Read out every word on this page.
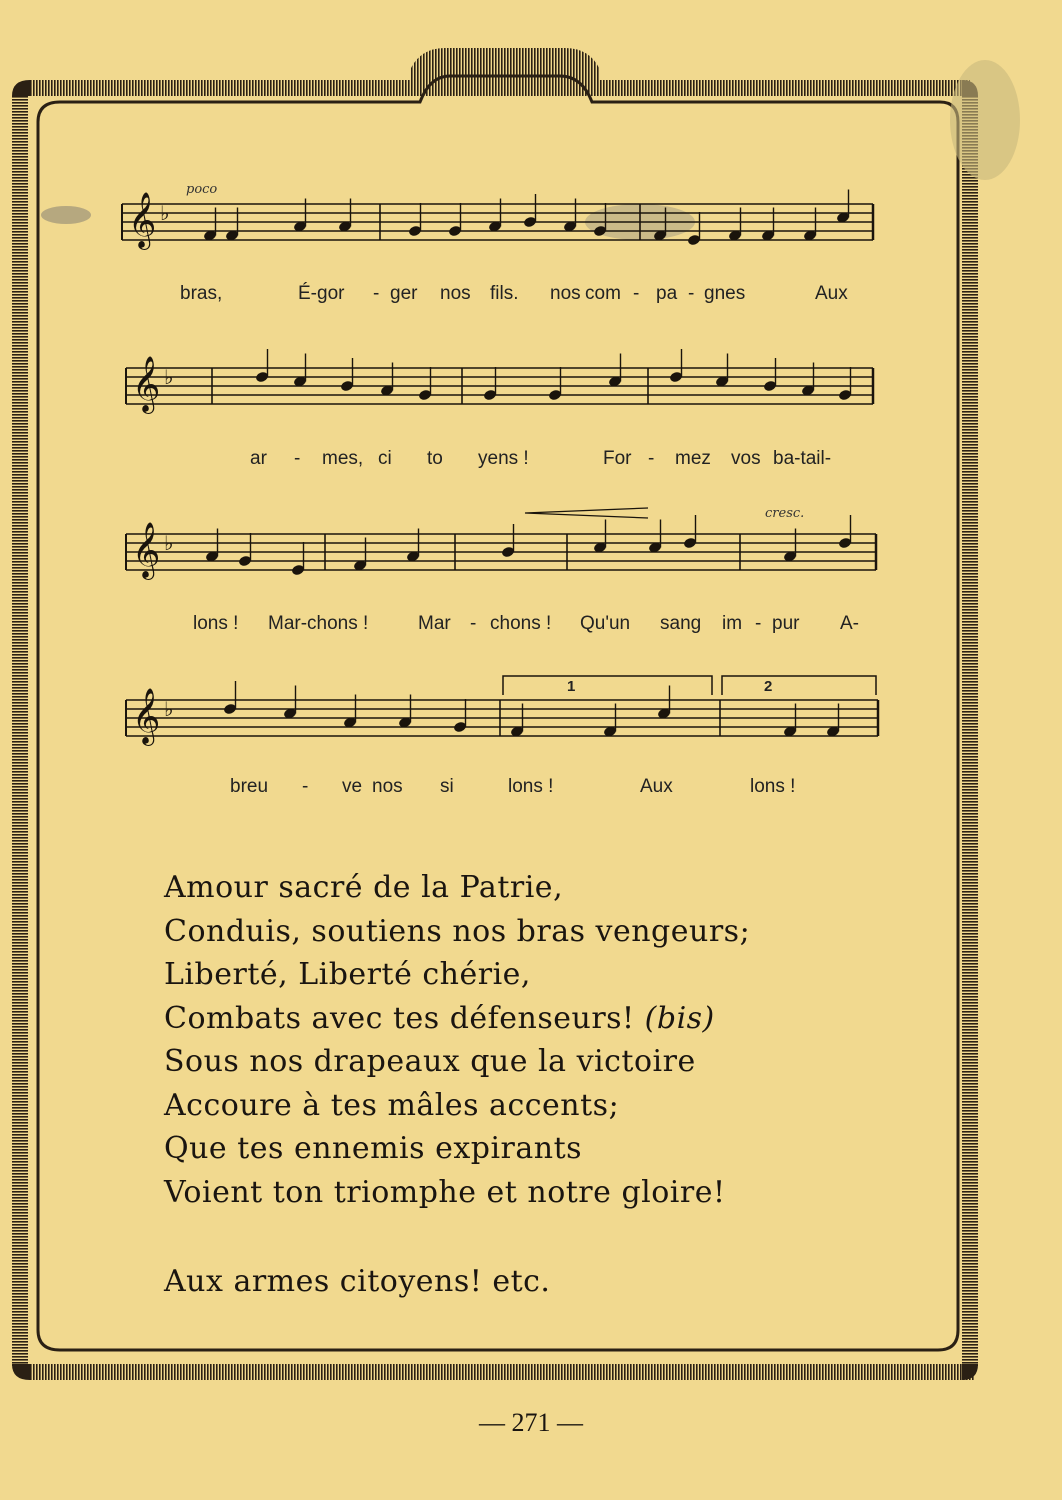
𝄞 ♭
𝄞 ♭
𝄞 ♭
𝄞 ♭
poco
cresc.
1	2
bras,	É-gor - ger nos fils. nos com - pa - gnes	Aux
ar - mes, ci to yens !	For - mez vos ba-tail-
lons ! Mar-chons !	Mar - chons ! Qu'un sang im - pur A-
breu - ve nos si	lons !	Aux	lons !
Amour sacré de la Patrie,
Conduis, soutiens nos bras vengeurs;
Liberté, Liberté chérie,
Combats avec tes défenseurs! (bis)
Sous nos drapeaux que la victoire
Accoure à tes mâles accents;
Que tes ennemis expirants
Voient ton triomphe et notre gloire!
Aux armes citoyens! etc.
— 271 —
